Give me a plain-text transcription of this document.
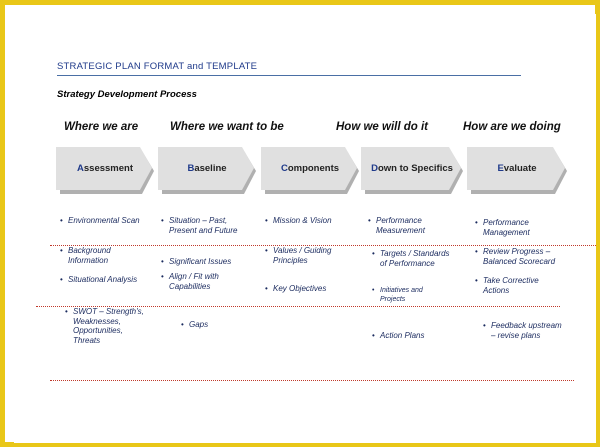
STRATEGIC PLAN FORMAT and TEMPLATE
Strategy Development Process
Where we are	Where we want to be	How we will do it	How are we doing
A ssessment	B aseline	C omponents	D own to Specifics	E valuate
• Environmental Scan
• Background Information
• Situational Analysis
• SWOT – Strength's, Weaknesses, Opportunities, Threats
• Situation – Past, Present and Future
• Significant Issues
• Align / Fit with Capabilities
• Gaps
• Mission & Vision
• Values / Guiding Principles
• Key Objectives
• Performance Measurement
• Targets / Standards of Performance
• Initiatives and Projects
• Action Plans
• Performance Management
• Review Progress – Balanced Scorecard
• Take Corrective Actions
• Feedback upstream – revise plans
